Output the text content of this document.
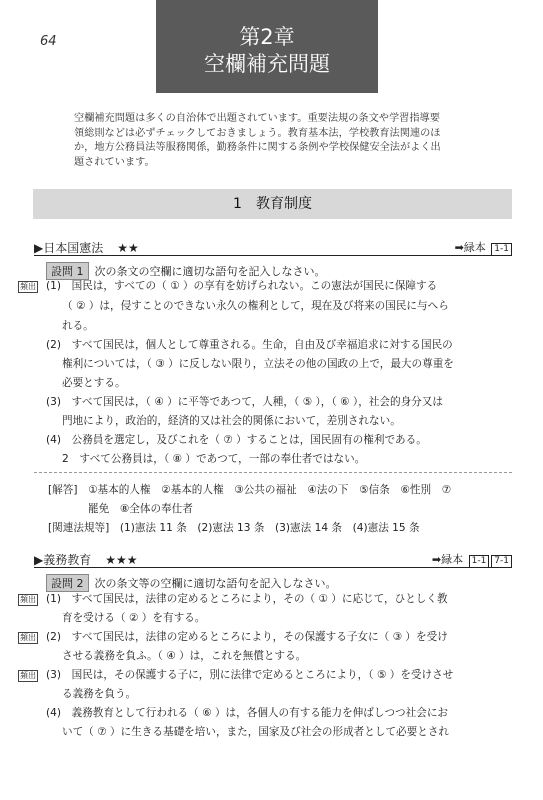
64	第2章
空欄補充問題
空欄補充問題は多くの自治体で出題されています。重要法規の条文や学習指導要
領総則などは必ずチェックしておきましょう。教育基本法，学校教育法関連のほ
か，地方公務員法等服務関係，勤務条件に関する条例や学校保健安全法がよく出
題されています。
1　教育制度
▶日本国憲法 ★★	➡緑本 1-1
設問 1 次の条文の空欄に適切な語句を記入しなさい。
頻出 (1)　国民は，すべての（ ① ）の享有を妨げられない。この憲法が国民に保障する
（ ② ）は，侵すことのできない永久の権利として，現在及び将来の国民に与へら
れる。
(2)　すべて国民は，個人として尊重される。生命，自由及び幸福追求に対する国民の
権利については，（ ③ ）に反しない限り，立法その他の国政の上で，最大の尊重を
必要とする。
(3)　すべて国民は，（ ④ ）に平等であつて，人種，（ ⑤ ），（ ⑥ ），社会的身分又は
門地により，政治的，経済的又は社会的関係において，差別されない。
(4)　公務員を選定し，及びこれを（ ⑦ ）することは，国民固有の権利である。
2　すべて公務員は，（ ⑧ ）であつて，一部の奉仕者ではない。
[解答]　 ①基本的人権　②基本的人権　③公共の福祉　④法の下　⑤信条　⑥性別　⑦
罷免　⑧全体の奉仕者
[関連法規等]　 (1)憲法 11 条　(2)憲法 13 条　(3)憲法 14 条　(4)憲法 15 条
▶義務教育 ★★★	➡緑本 1-1 7-1
設問 2 次の条文等の空欄に適切な語句を記入しなさい。
頻出 (1)　すべて国民は，法律の定めるところにより，その（ ① ）に応じて，ひとしく教
育を受ける（ ② ）を有する。
頻出 (2)　すべて国民は，法律の定めるところにより，その保護する子女に（ ③ ）を受け
させる義務を負ふ。（ ④ ）は，これを無償とする。
頻出 (3)　国民は，その保護する子に，別に法律で定めるところにより，（ ⑤ ）を受けさせ
る義務を負う。
(4)　義務教育として行われる（ ⑥ ）は，各個人の有する能力を伸ばしつつ社会にお
いて（ ⑦ ）に生きる基礎を培い，また，国家及び社会の形成者として必要とされ
